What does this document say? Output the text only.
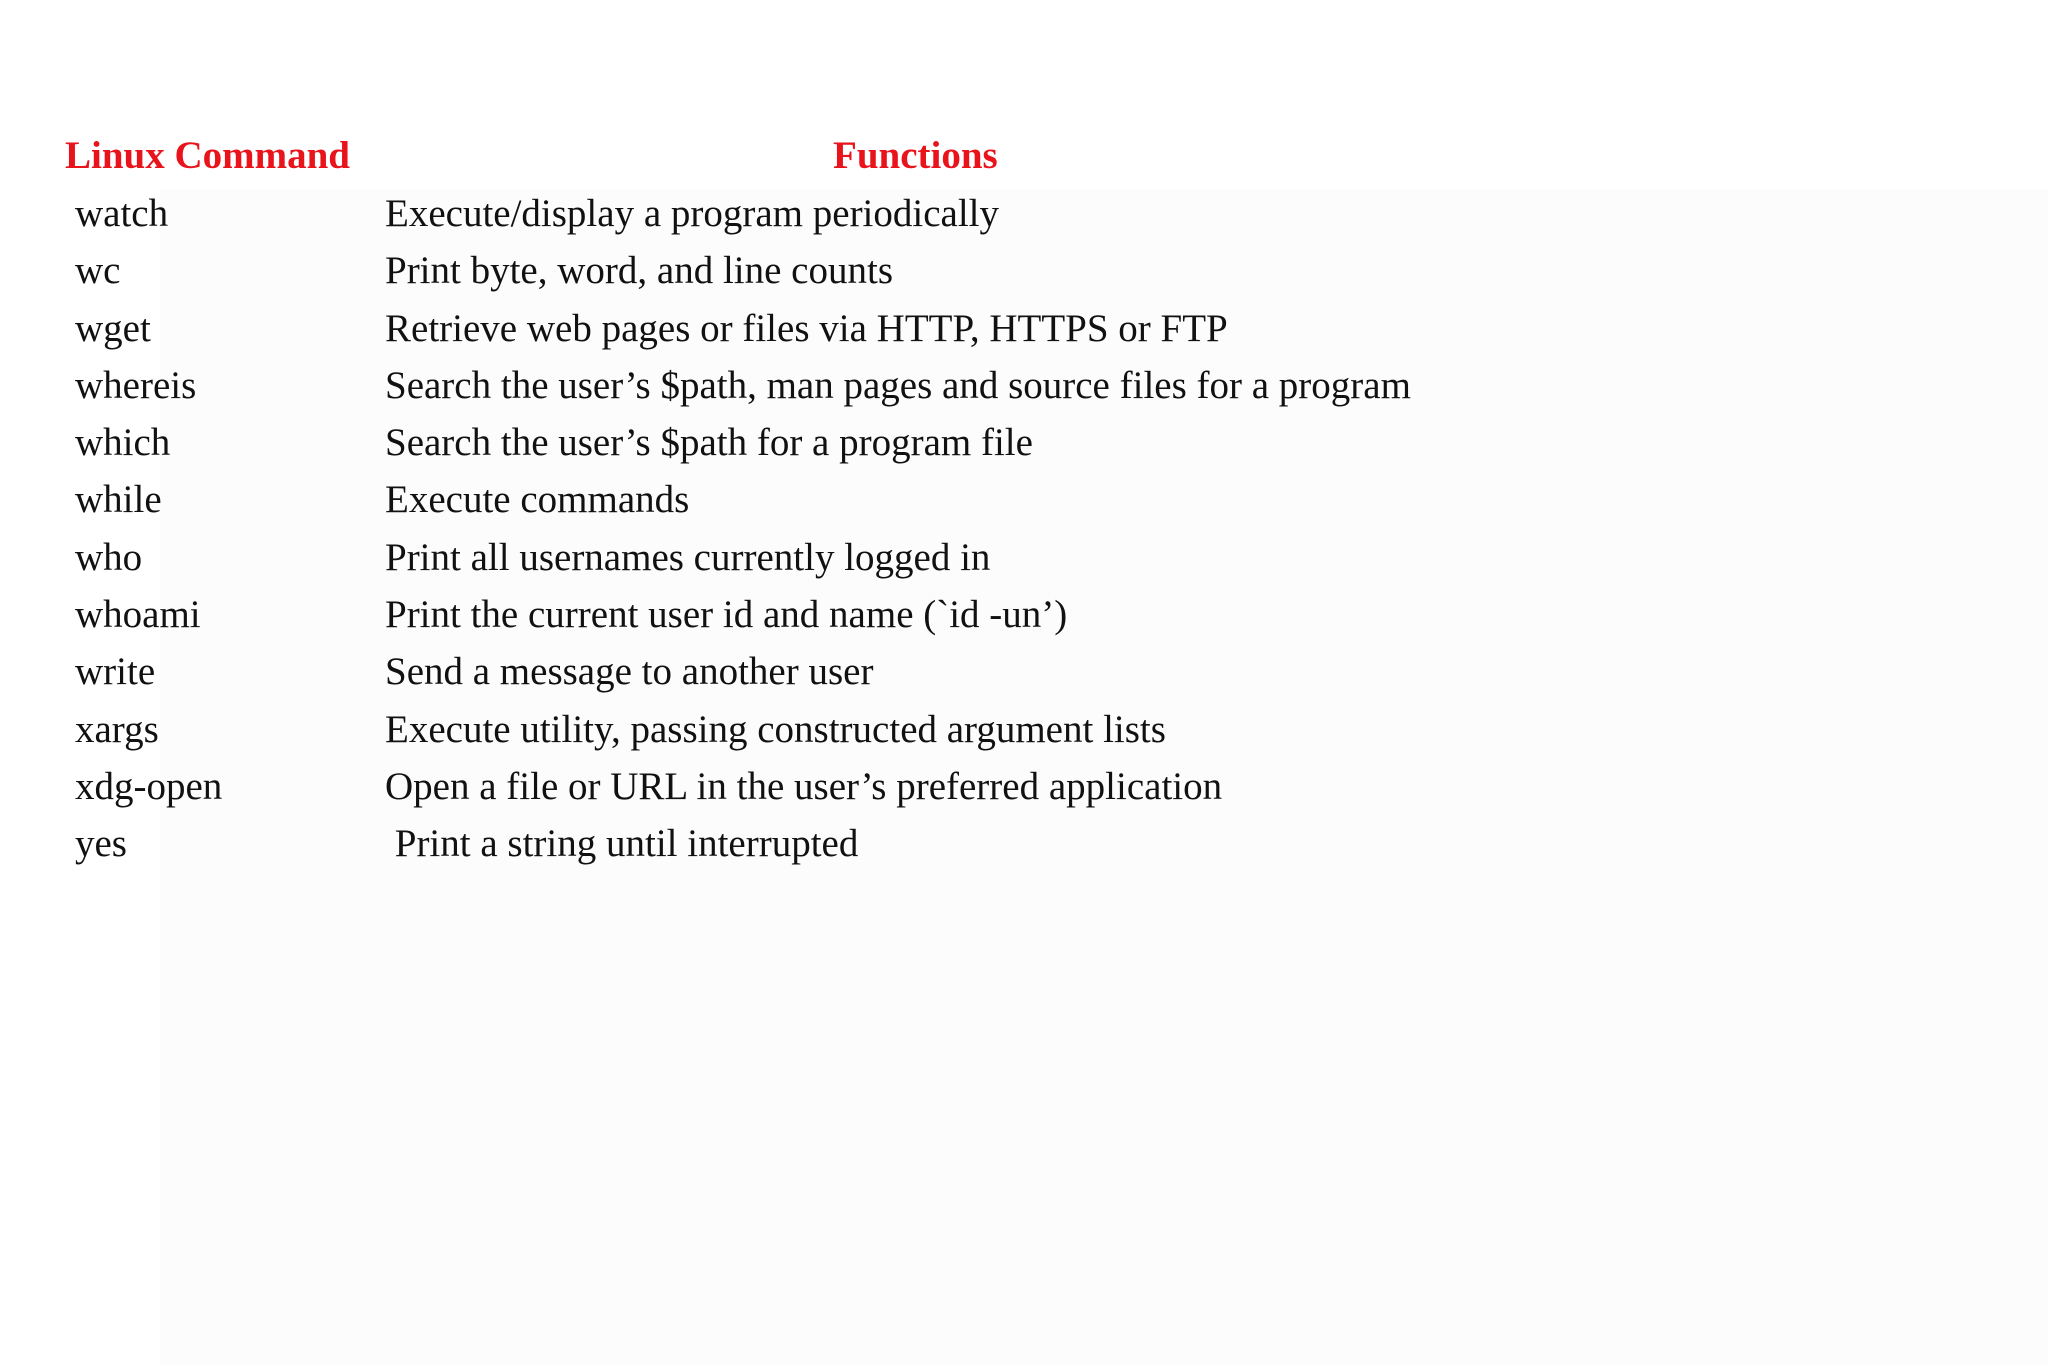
Linux Command	Functions
watch	Execute/display a program periodically
wc	Print byte, word, and line counts
wget	Retrieve web pages or files via HTTP, HTTPS or FTP
whereis	Search the user’s $path, man pages and source files for a program
which	Search the user’s $path for a program file
while	Execute commands
who	Print all usernames currently logged in
whoami	Print the current user id and name (`id -un’)
write	Send a message to another user
xargs	Execute utility, passing constructed argument lists
xdg-open	Open a file or URL in the user’s preferred application
yes	Print a string until interrupted
